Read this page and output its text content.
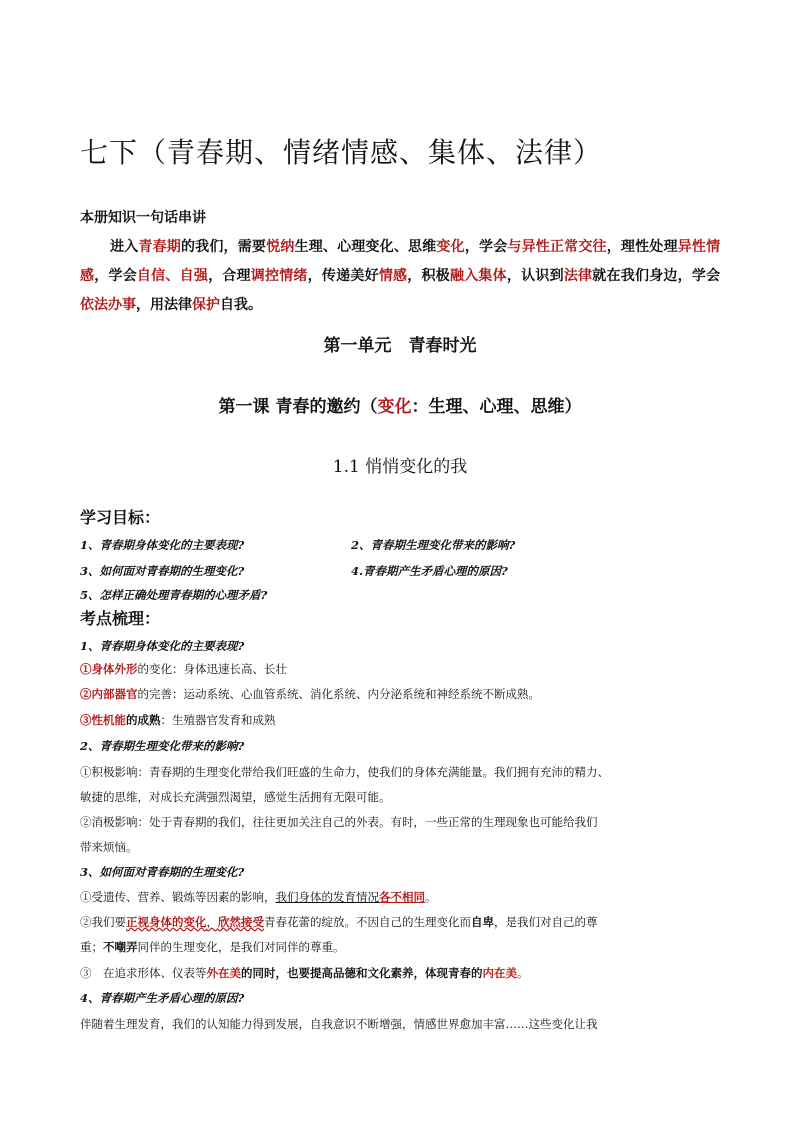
七下（青春期、情绪情感、集体、法律）
本册知识一句话串讲

进入青春期的我们，需要悦纳生理、心理变化、思维变化，学会与异性正常交往，理性处理异性情感，学会自信、自强，合理调控情绪，传递美好情感，积极融入集体，认识到法律就在我们身边，学会依法办事，用法律保护自我。

第一单元　青春时光
第一课 青春的邀约（变化：生理、心理、思维）
1.1 悄悄变化的我
学习目标：

1、青春期身体变化的主要表现?	2、青春期生理变化带来的影响?

3、如何面对青春期的生理变化?	4.青春期产生矛盾心理的原因?

5、怎样正确处理青春期的心理矛盾?

考点梳理：

1、青春期身体变化的主要表现?

①身体外形的变化：身体迅速长高、长壮

②内部器官的完善：运动系统、心血管系统、消化系统、内分泌系统和神经系统不断成熟。

③性机能的成熟：生殖器官发育和成熟

2、青春期生理变化带来的影响?

①积极影响：青春期的生理变化带给我们旺盛的生命力，使我们的身体充满能量。我们拥有充沛的精力、

敏捷的思维，对成长充满强烈渴望，感觉生活拥有无限可能。

②消极影响：处于青春期的我们，往往更加关注自己的外表。有时，一些正常的生理现象也可能给我们

带来烦恼。

3、如何面对青春期的生理变化?

①受遗传、营养、锻炼等因素的影响，我们身体的发育情况各不相同。

②我们要正视身体的变化，欣然接受青春花蕾的绽放。不因自己的生理变化而自卑，是我们对自己的尊

重；不嘲弄同伴的生理变化，是我们对同伴的尊重。

③　在追求形体、仪表等外在美的同时，也要提高品德和文化素养，体现青春的内在美。

4、青春期产生矛盾心理的原因?

伴随着生理发育，我们的认知能力得到发展，自我意识不断增强，情感世界愈加丰富……这些变化让我
